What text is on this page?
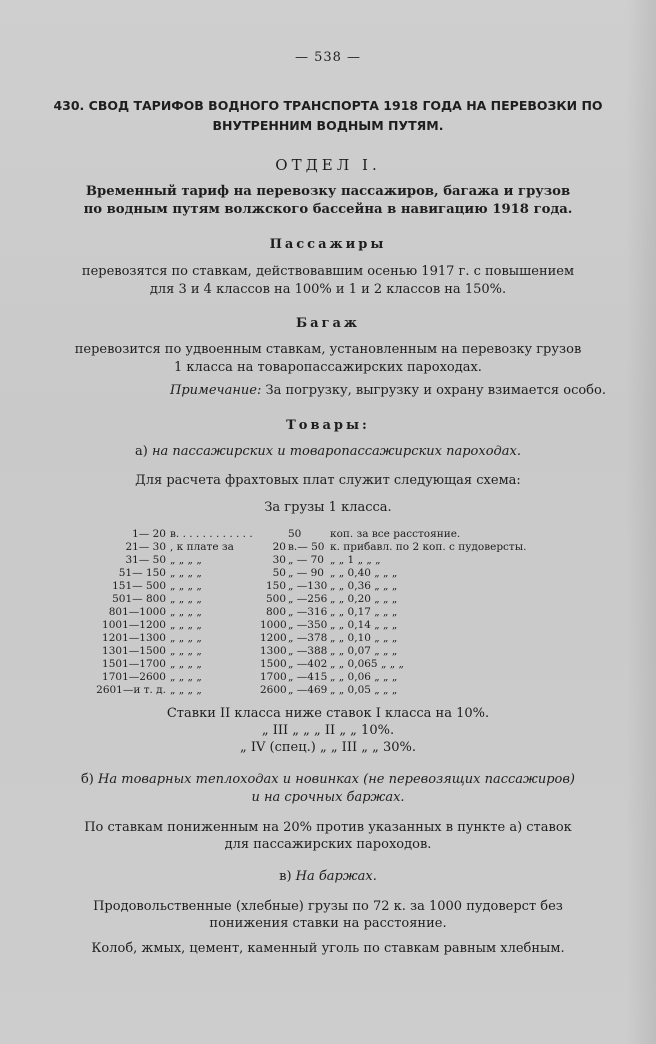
— 538 —
430. СВОД ТАРИФОВ ВОДНОГО ТРАНСПОРТА 1918 ГОДА НА ПЕРЕВОЗКИ ПО
ВНУТРЕННИМ ВОДНЫМ ПУТЯМ.
ОТДЕЛ I.
Временный тариф на перевозку пассажиров, багажа и грузов
по водным путям волжского бассейна в навигацию 1918 года.
Пассажиры
перевозятся по ставкам, действовавшим осенью 1917 г. с повышением
для 3 и 4 классов на 100% и 1 и 2 классов на 150%.
Багаж
перевозится по удвоенным ставкам, установленным на перевозку грузов
1 класса на товаропассажирских пароходах.
Примечание: За погрузку, выгрузку и охрану взимается особо.
Товары:
а) на пассажирских и товаропассажирских пароходах.
Для расчета фрахтовых плат служит следующая схема:
За грузы 1 класса.
1— 20 в. . . . . . . . . . . .	50	коп. за все расстояние.
21— 30 , к плате за	20 в.— 50 к. прибавл. по 2 коп. с пудоверсты.
31— 50 „ „ „ „	30 „ — 70 „ „ 1 „ „ „
51— 150 „ „ „ „	50 „ — 90 „ „ 0,40 „ „ „
151— 500 „ „ „ „	150 „ —130 „ „ 0,36 „ „ „
501— 800 „ „ „ „	500 „ —256 „ „ 0,20 „ „ „
801—1000 „ „ „ „	800 „ —316 „ „ 0,17 „ „ „
1001—1200 „ „ „ „	1000 „ —350 „ „ 0,14 „ „ „
1201—1300 „ „ „ „	1200 „ —378 „ „ 0,10 „ „ „
1301—1500 „ „ „ „	1300 „ —388 „ „ 0,07 „ „ „
1501—1700 „ „ „ „	1500 „ —402 „ „ 0,065 „ „ „
1701—2600 „ „ „ „	1700 „ —415 „ „ 0,06 „ „ „
2601—и т. д. „ „ „ „	2600 „ —469 „ „ 0,05 „ „ „
Ставки II класса ниже ставок I класса на 10%.
„ III „ „ „ II „ „ 10%.
„ IV (спец.) „ „ III „ „ 30%.
б) На товарных теплоходах и новинках (не перевозящих пассажиров)
и на срочных баржах.
По ставкам пониженным на 20% против указанных в пункте а) ставок
для пассажирских пароходов.
в) На баржах.
Продовольственные (хлебные) грузы по 72 к. за 1000 пудоверст без
понижения ставки на расстояние.
Колоб, жмых, цемент, каменный уголь по ставкам равным хлебным.
